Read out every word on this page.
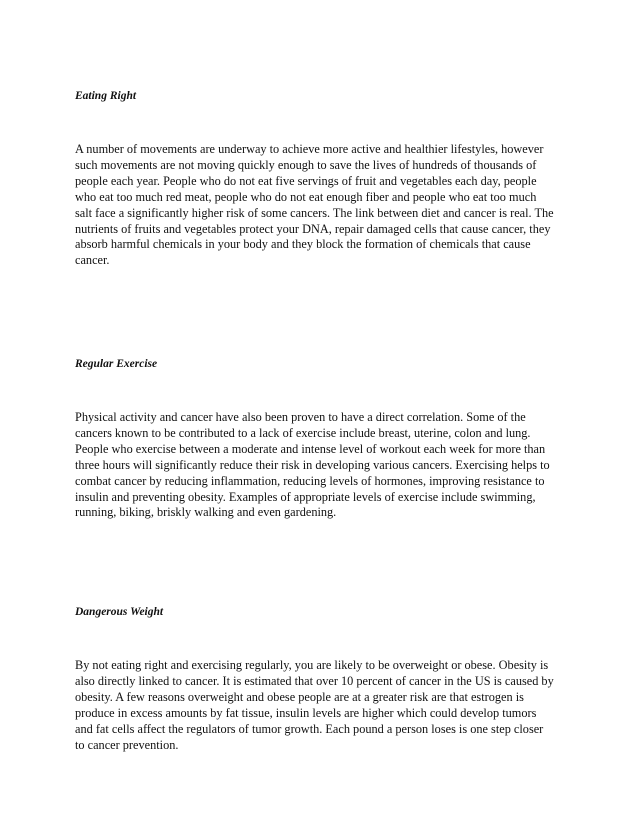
Eating Right
A number of movements are underway to achieve more active and healthier lifestyles, however
such movements are not moving quickly enough to save the lives of hundreds of thousands of
people each year. People who do not eat five servings of fruit and vegetables each day, people
who eat too much red meat, people who do not eat enough fiber and people who eat too much
salt face a significantly higher risk of some cancers. The link between diet and cancer is real. The
nutrients of fruits and vegetables protect your DNA, repair damaged cells that cause cancer, they
absorb harmful chemicals in your body and they block the formation of chemicals that cause
cancer.
Regular Exercise
Physical activity and cancer have also been proven to have a direct correlation. Some of the
cancers known to be contributed to a lack of exercise include breast, uterine, colon and lung.
People who exercise between a moderate and intense level of workout each week for more than
three hours will significantly reduce their risk in developing various cancers. Exercising helps to
combat cancer by reducing inflammation, reducing levels of hormones, improving resistance to
insulin and preventing obesity. Examples of appropriate levels of exercise include swimming,
running, biking, briskly walking and even gardening.
Dangerous Weight
By not eating right and exercising regularly, you are likely to be overweight or obese. Obesity is
also directly linked to cancer. It is estimated that over 10 percent of cancer in the US is caused by
obesity. A few reasons overweight and obese people are at a greater risk are that estrogen is
produce in excess amounts by fat tissue, insulin levels are higher which could develop tumors
and fat cells affect the regulators of tumor growth. Each pound a person loses is one step closer
to cancer prevention.
